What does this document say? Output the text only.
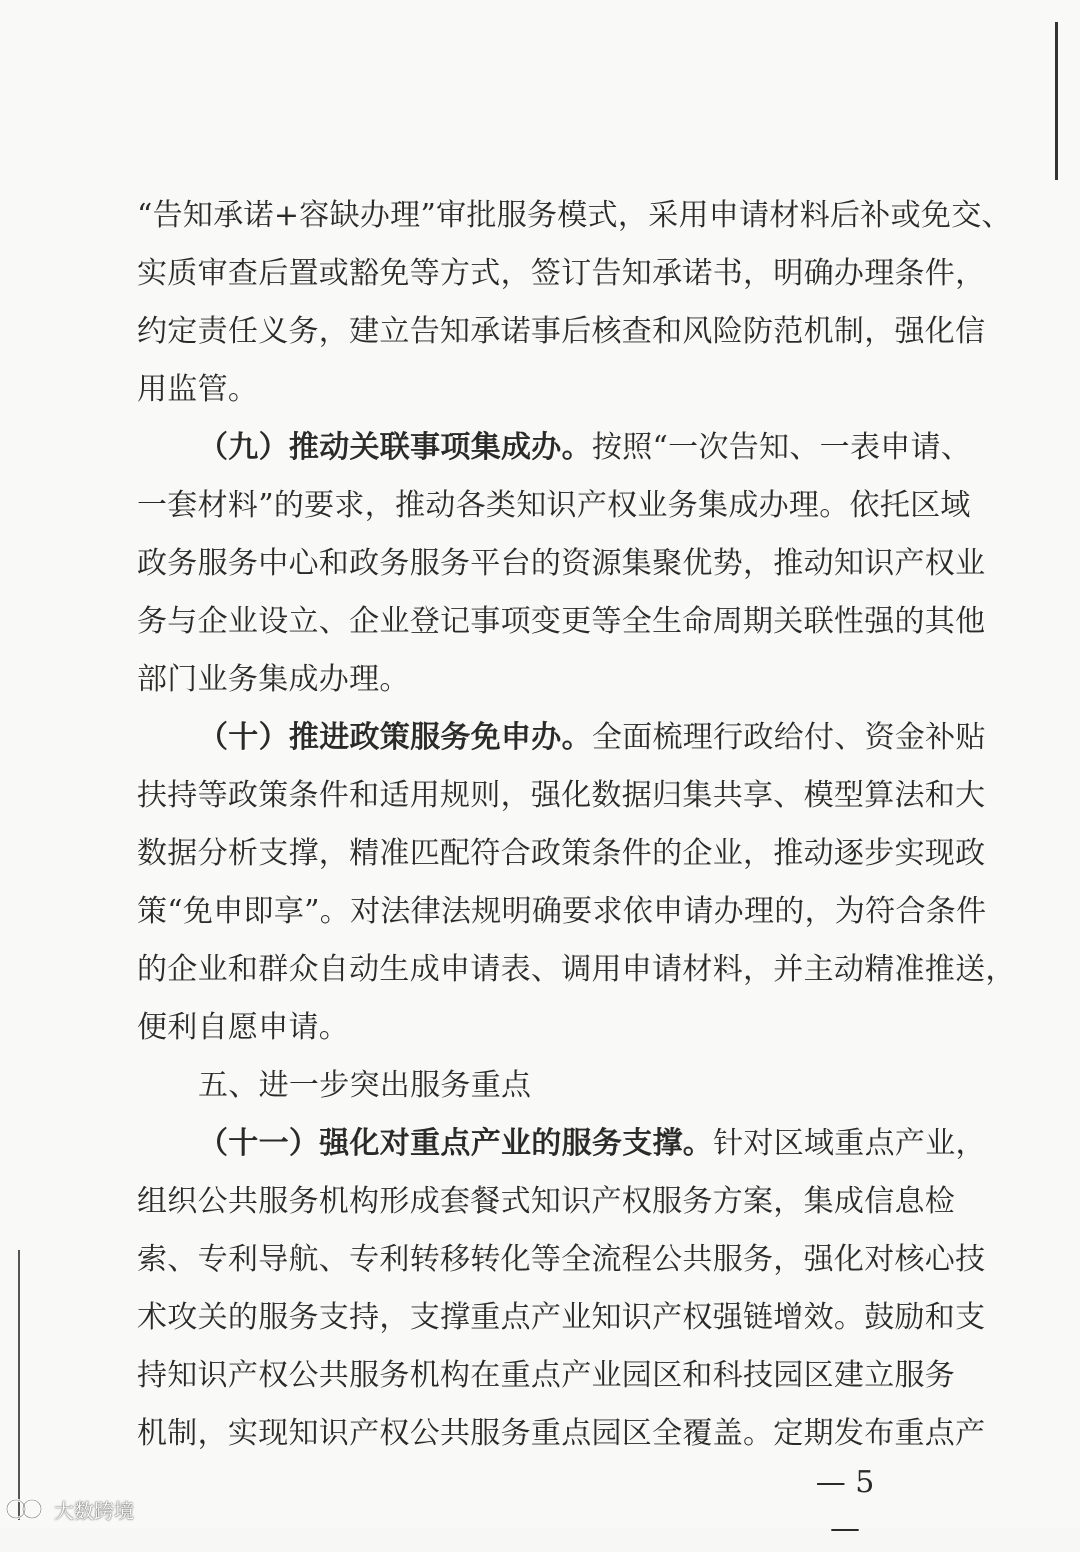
“告知承诺+容缺办理”审批服务模式，采用申请材料后补或免交、
实质审查后置或豁免等方式，签订告知承诺书，明确办理条件，
约定责任义务，建立告知承诺事后核查和风险防范机制，强化信
用监管。
（九）推动关联事项集成办。按照“一次告知、一表申请、
一套材料”的要求，推动各类知识产权业务集成办理。依托区域
政务服务中心和政务服务平台的资源集聚优势，推动知识产权业
务与企业设立、企业登记事项变更等全生命周期关联性强的其他
部门业务集成办理。
（十）推进政策服务免申办。全面梳理行政给付、资金补贴
扶持等政策条件和适用规则，强化数据归集共享、模型算法和大
数据分析支撑，精准匹配符合政策条件的企业，推动逐步实现政
策“免申即享”。对法律法规明确要求依申请办理的，为符合条件
的企业和群众自动生成申请表、调用申请材料，并主动精准推送，
便利自愿申请。
五、进一步突出服务重点
（十一）强化对重点产业的服务支撑。针对区域重点产业，
组织公共服务机构形成套餐式知识产权服务方案，集成信息检
索、专利导航、专利转移转化等全流程公共服务，强化对核心技
术攻关的服务支持，支撑重点产业知识产权强链增效。鼓励和支
持知识产权公共服务机构在重点产业园区和科技园区建立服务
机制，实现知识产权公共服务重点园区全覆盖。定期发布重点产
— 5 —
大数跨境
